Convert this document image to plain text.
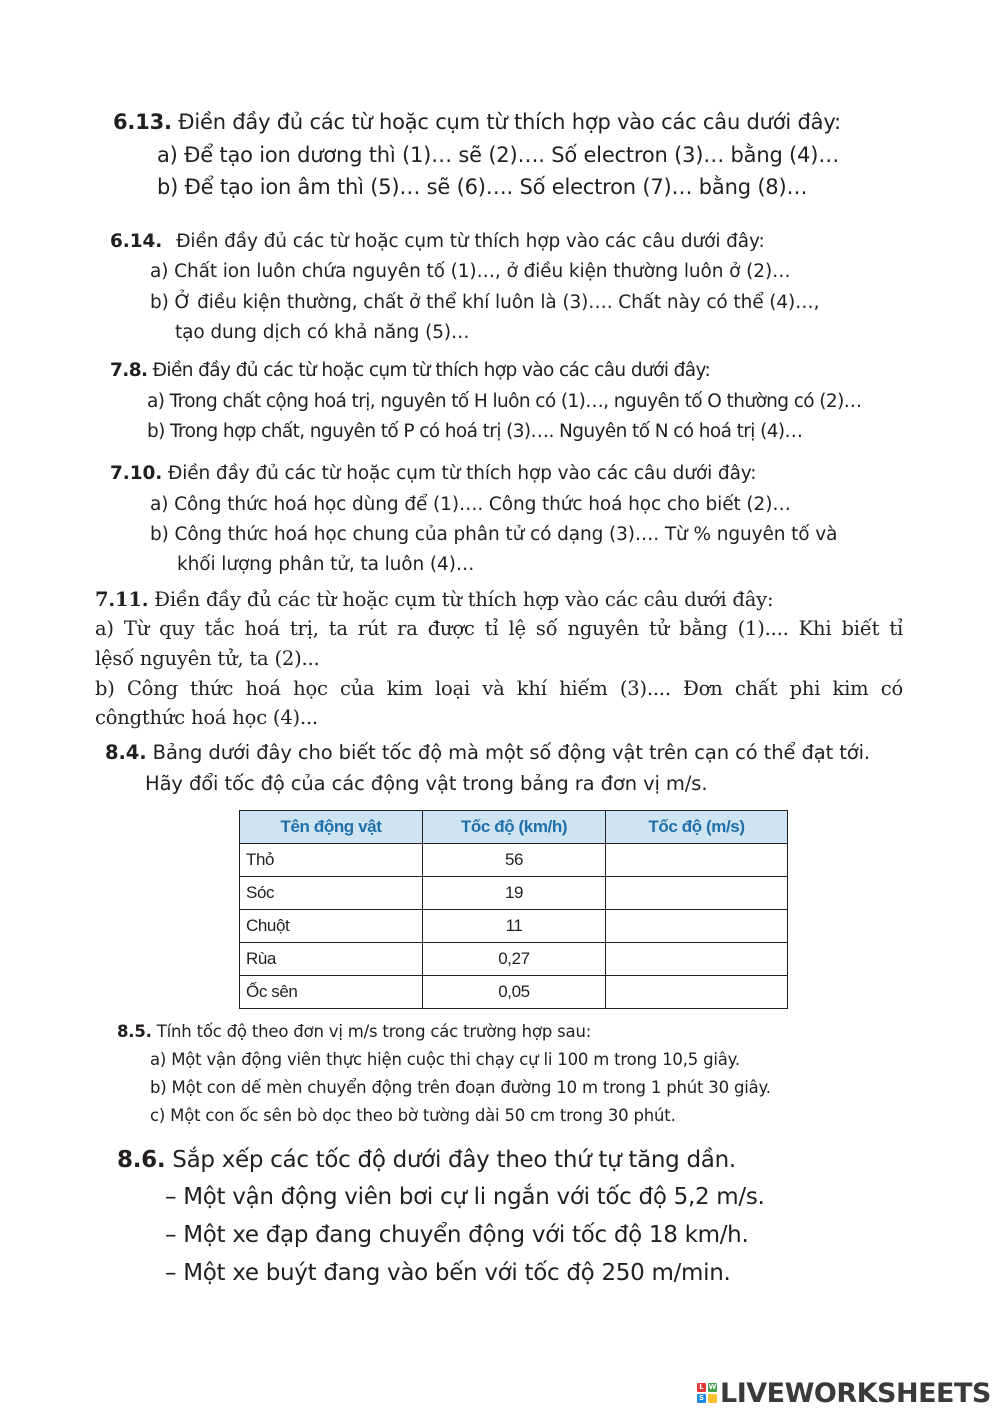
6.13. Điền đầy đủ các từ hoặc cụm từ thích hợp vào các câu dưới đây:
a) Để tạo ion dương thì (1)… sẽ (2)…. Số electron (3)… bằng (4)…
b) Để tạo ion âm thì (5)… sẽ (6)…. Số electron (7)… bằng (8)…
6.14. Điền đầy đủ các từ hoặc cụm từ thích hợp vào các câu dưới đây:
a) Chất ion luôn chứa nguyên tố (1)…, ở điều kiện thường luôn ở (2)…
b) Ở điều kiện thường, chất ở thể khí luôn là (3)…. Chất này có thể (4)…,
tạo dung dịch có khả năng (5)…
7.8. Điền đầy đủ các từ hoặc cụm từ thích hợp vào các câu dưới đây:
a) Trong chất cộng hoá trị, nguyên tố H luôn có (1)…, nguyên tố O thường có (2)…
b) Trong hợp chất, nguyên tố P có hoá trị (3)…. Nguyên tố N có hoá trị (4)…
7.10. Điền đầy đủ các từ hoặc cụm từ thích hợp vào các câu dưới đây:
a) Công thức hoá học dùng để (1)…. Công thức hoá học cho biết (2)…
b) Công thức hoá học chung của phân tử có dạng (3)…. Từ % nguyên tố và
khối lượng phân tử, ta luôn (4)…
7.11. Điền đầy đủ các từ hoặc cụm từ thích hợp vào các câu dưới đây:
a) Từ quy tắc hoá trị, ta rút ra được tỉ lệ số nguyên tử bằng (1).... Khi biết tỉ
lệsố nguyên tử, ta (2)...
b) Công thức hoá học của kim loại và khí hiếm (3).... Đơn chất phi kim có
côngthức hoá học (4)...
8.4. Bảng dưới đây cho biết tốc độ mà một số động vật trên cạn có thể đạt tới.
Hãy đổi tốc độ của các động vật trong bảng ra đơn vị m/s.
Tên động vật	Tốc độ (km/h)	Tốc độ (m/s)
Thỏ	56	
Sóc	19	
Chuột	11	
Rùa	0,27	
Ốc sên	0,05	
8.5. Tính tốc độ theo đơn vị m/s trong các trường hợp sau:
a) Một vận động viên thực hiện cuộc thi chạy cự li 100 m trong 10,5 giây.
b) Một con dế mèn chuyển động trên đoạn đường 10 m trong 1 phút 30 giây.
c) Một con ốc sên bò dọc theo bờ tường dài 50 cm trong 30 phút.
8.6. Sắp xếp các tốc độ dưới đây theo thứ tự tăng dần.
– Một vận động viên bơi cự li ngắn với tốc độ 5,2 m/s.
– Một xe đạp đang chuyển động với tốc độ 18 km/h.
– Một xe buýt đang vào bến với tốc độ 250 m/min.
L W
S LIVEWORKSHEETS
